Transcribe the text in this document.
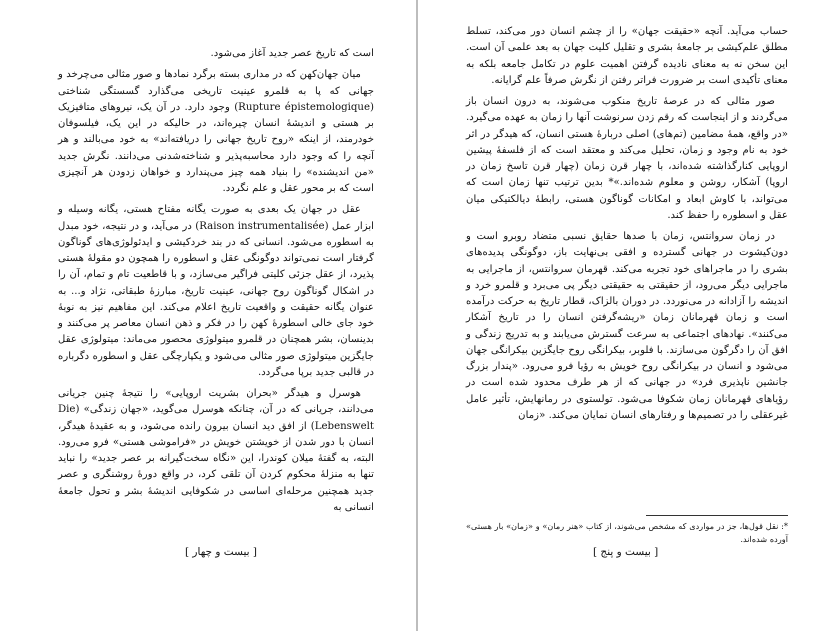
است که تاریخ عصر جدید آغاز می‌شود.

میان جهان‌کهن که در مداری بسته برگرد نمادها و صور مثالی می‌چرخد و جهانی که پا به قلمرو عینیت تاریخی می‌گذارد گسستگی شناختی (Rupture épistemologique) وجود دارد. در آن یک، نیروهای متافیزیک بر هستی و اندیشهٔ انسان چیره‌اند، در حالیکه در این یک، فیلسوفان خودرمند، از اینکه «روح تاریخ جهانی را دریافته‌اند» به خود می‌بالند و هر آنچه را که وجود دارد محاسبه‌پذیر و شناخته‌شدنی می‌دانند. نگرش جدید «من اندیشنده» را بنیاد همه چیز می‌پندارد و خواهان زدودن هر آنچیزی است که بر محور عقل و علم نگردد.

عقل در جهان یک بعدی به صورت یگانه مفتاح هستی، یگانه وسیله و ابزار عمل (Raison instrumentalisée) در می‌آید، و در نتیجه، خود مبدل به اسطوره می‌شود. انسانی که در بند خردکیشی و ایدئولوژی‌های گوناگون گرفتار است نمی‌تواند دوگونگی عقل و اسطوره را همچون دو مقولهٔ هستی پذیرد، از عقل جزئی کلیتی فراگیر می‌سازد، و با قاطعیت تام و تمام، آن را در اشکال گوناگون روح جهانی، عینیت تاریخ، مبارزهٔ طبقاتی، نژاد و... به عنوان یگانه حقیقت و واقعیت تاریخ اعلام می‌کند. این مفاهیم نیز به نوبهٔ خود جای خالی اسطورهٔ کهن را در فکر و ذهن انسان معاصر پر می‌کنند و بدینسان، بشر همچنان در قلمرو میتولوژی محصور می‌ماند: میتولوژی عقل جایگزین میتولوژی صور مثالی می‌شود و یکپارچگی عقل و اسطوره دگرباره در قالبی جدید برپا می‌گردد.

هوسرل و هیدگر «بحران بشریت اروپایی» را نتیجهٔ چنین جریانی می‌دانند، جریانی که در آن، چنانکه هوسرل می‌گوید، «جهان زندگی» (Die Lebenswelt) از افق دید انسان بیرون رانده می‌شود، و به عقیدهٔ هیدگر، انسان با دور شدن از خویشتن خویش در «فراموشی هستی» فرو می‌رود. البته، به گفتهٔ میلان کوندرا، این «نگاه سخت‌گیرانه بر عصر جدید» را نباید تنها به منزلهٔ محکوم کردن آن تلقی کرد، در واقع دورهٔ روشنگری و عصر جدید همچنین مرحله‌ای اساسی در شکوفایی اندیشهٔ بشر و تحول جامعهٔ انسانی به

[ بیست و چهار ]

حساب می‌آید. آنچه «حقیقت جهان» را از چشم انسان دور می‌کند، تسلط مطلق علم‌کیشی بر جامعهٔ بشری و تقلیل کلیت جهان به بعد علمی آن است. این سخن نه به معنای نادیده گرفتن اهمیت علوم در تکامل جامعه بلکه به معنای تأکیدی است بر ضرورت فراتر رفتن از نگرش صرفاً علم گرایانه.

صور مثالی که در عرصهٔ تاریخ منکوب می‌شوند، به درون انسان باز می‌گردند و از اینجاست که رقم زدن سرنوشت آنها را زمان به عهده می‌گیرد. «در واقع، همهٔ مضامین (تم‌های) اصلی دربارهٔ هستی انسان، که هیدگر در اثر خود به نام وجود و زمان، تحلیل می‌کند و معتقد است که از فلسفهٔ پیشین اروپایی کنارگذاشته شده‌اند، با چهار قرن زمان (چهار قرن تاسخ زمان در اروپا) آشکار، روشن و معلوم شده‌اند.»* بدین ترتیب تنها زمان است که می‌تواند، با کاوش ابعاد و امکانات گوناگون هستی، رابطهٔ دیالکتیکی میان عقل و اسطوره را حفظ کند.

در زمان سروانتس، زمان با صدها حقایق نسبی متضاد روبرو است و دون‌کیشوت در جهانی گسترده و افقی بی‌نهایت باز، دوگونگی پدیده‌های بشری را در ماجراهای خود تجربه می‌کند. قهرمان سروانتس، از ماجرایی به ماجرایی دیگر می‌رود، از حقیقتی به حقیقتی دیگر پی می‌برد و قلمرو خرد و اندیشه را آزادانه در می‌نوردد. در دوران بالزاک، قطار تاریخ به حرکت درآمده است و زمان قهرمانان زمان «ریشه‌گرفتن انسان را در تاریخ آشکار می‌کنند». نهادهای اجتماعی به سرعت گسترش می‌یابند و به تدریج زندگی و افق آن را دگرگون می‌سازند. با فلوبر، بیکرانگی روح جایگزین بیکرانگی جهان می‌شود و انسان در بیکرانگی روح خویش به رؤیا فرو می‌رود. «پندار بزرگ جانشین ناپذیری فرد» در جهانی که از هر طرف محدود شده است در رؤیاهای قهرمانان زمان شکوفا می‌شود. تولستوی در رمانهایش، تأثیر عامل غیرعقلی را در تصمیم‌ها و رفتارهای انسان نمایان می‌کند. «زمان

*: نقل قول‌ها، جز در مواردی که مشخص می‌شوند، از کتاب «هنر رمان» و «زمان» بار هستی» آورده شده‌اند.
[ بیست و پنج ]
